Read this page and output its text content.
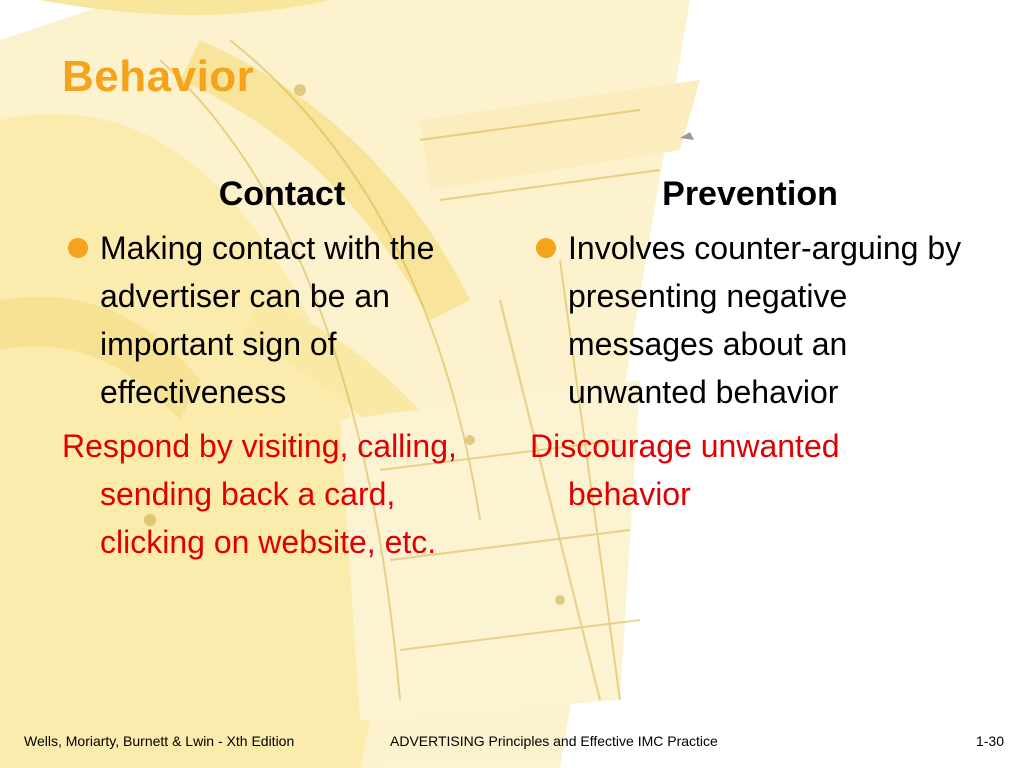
Behavior
Contact
Making contact with the advertiser can be an important sign of effectiveness
Respond by visiting, calling, sending back a card, clicking on website, etc.
Prevention
Involves counter-arguing by presenting negative messages about an unwanted behavior
Discourage unwanted behavior
Wells, Moriarty, Burnett & Lwin - Xth Edition	ADVERTISING Principles and Effective IMC Practice	1-30
